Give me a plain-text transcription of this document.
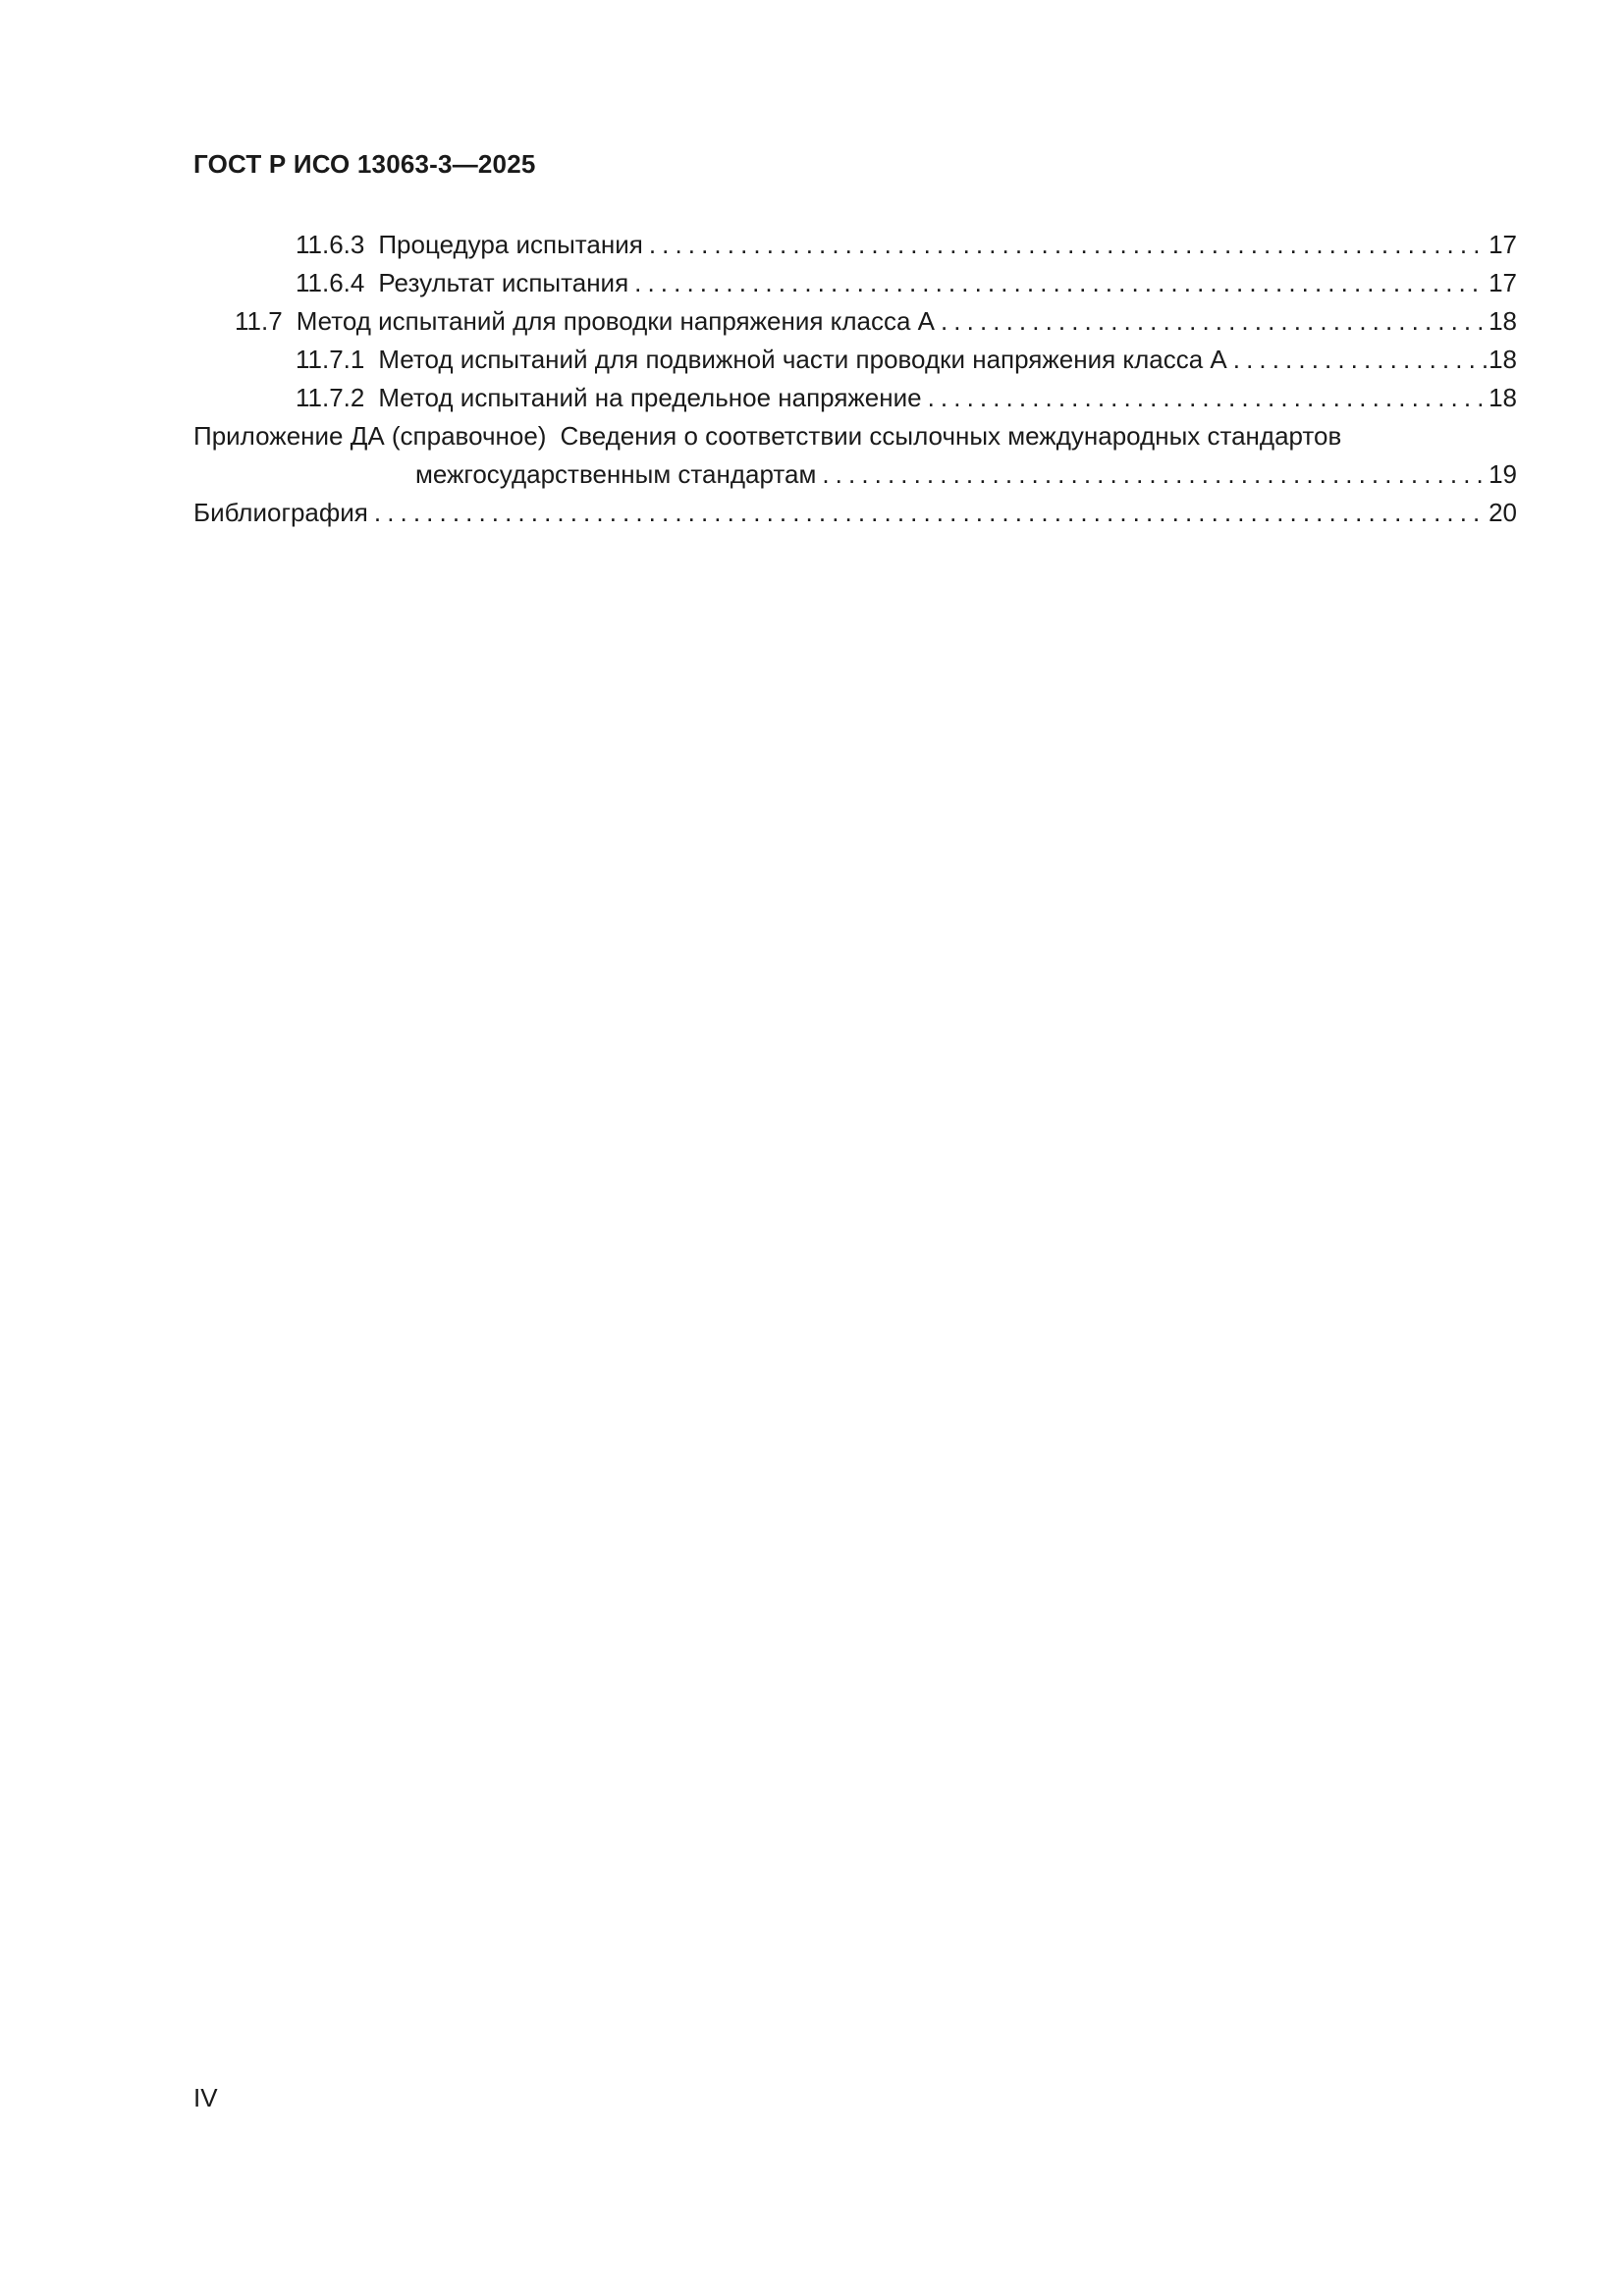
ГОСТ Р ИСО 13063-3—2025
11.6.3 Процедура испытания .....	17
11.6.4 Результат испытания .....	17
11.7 Метод испытаний для проводки напряжения класса A .....	18
11.7.1 Метод испытаний для подвижной части проводки напряжения класса А .....	18
11.7.2 Метод испытаний на предельное напряжение .....	18
Приложение ДА (справочное) Сведения о соответствии ссылочных международных стандартов
межгосударственным стандартам .....	19
Библиография .....	20
IV
